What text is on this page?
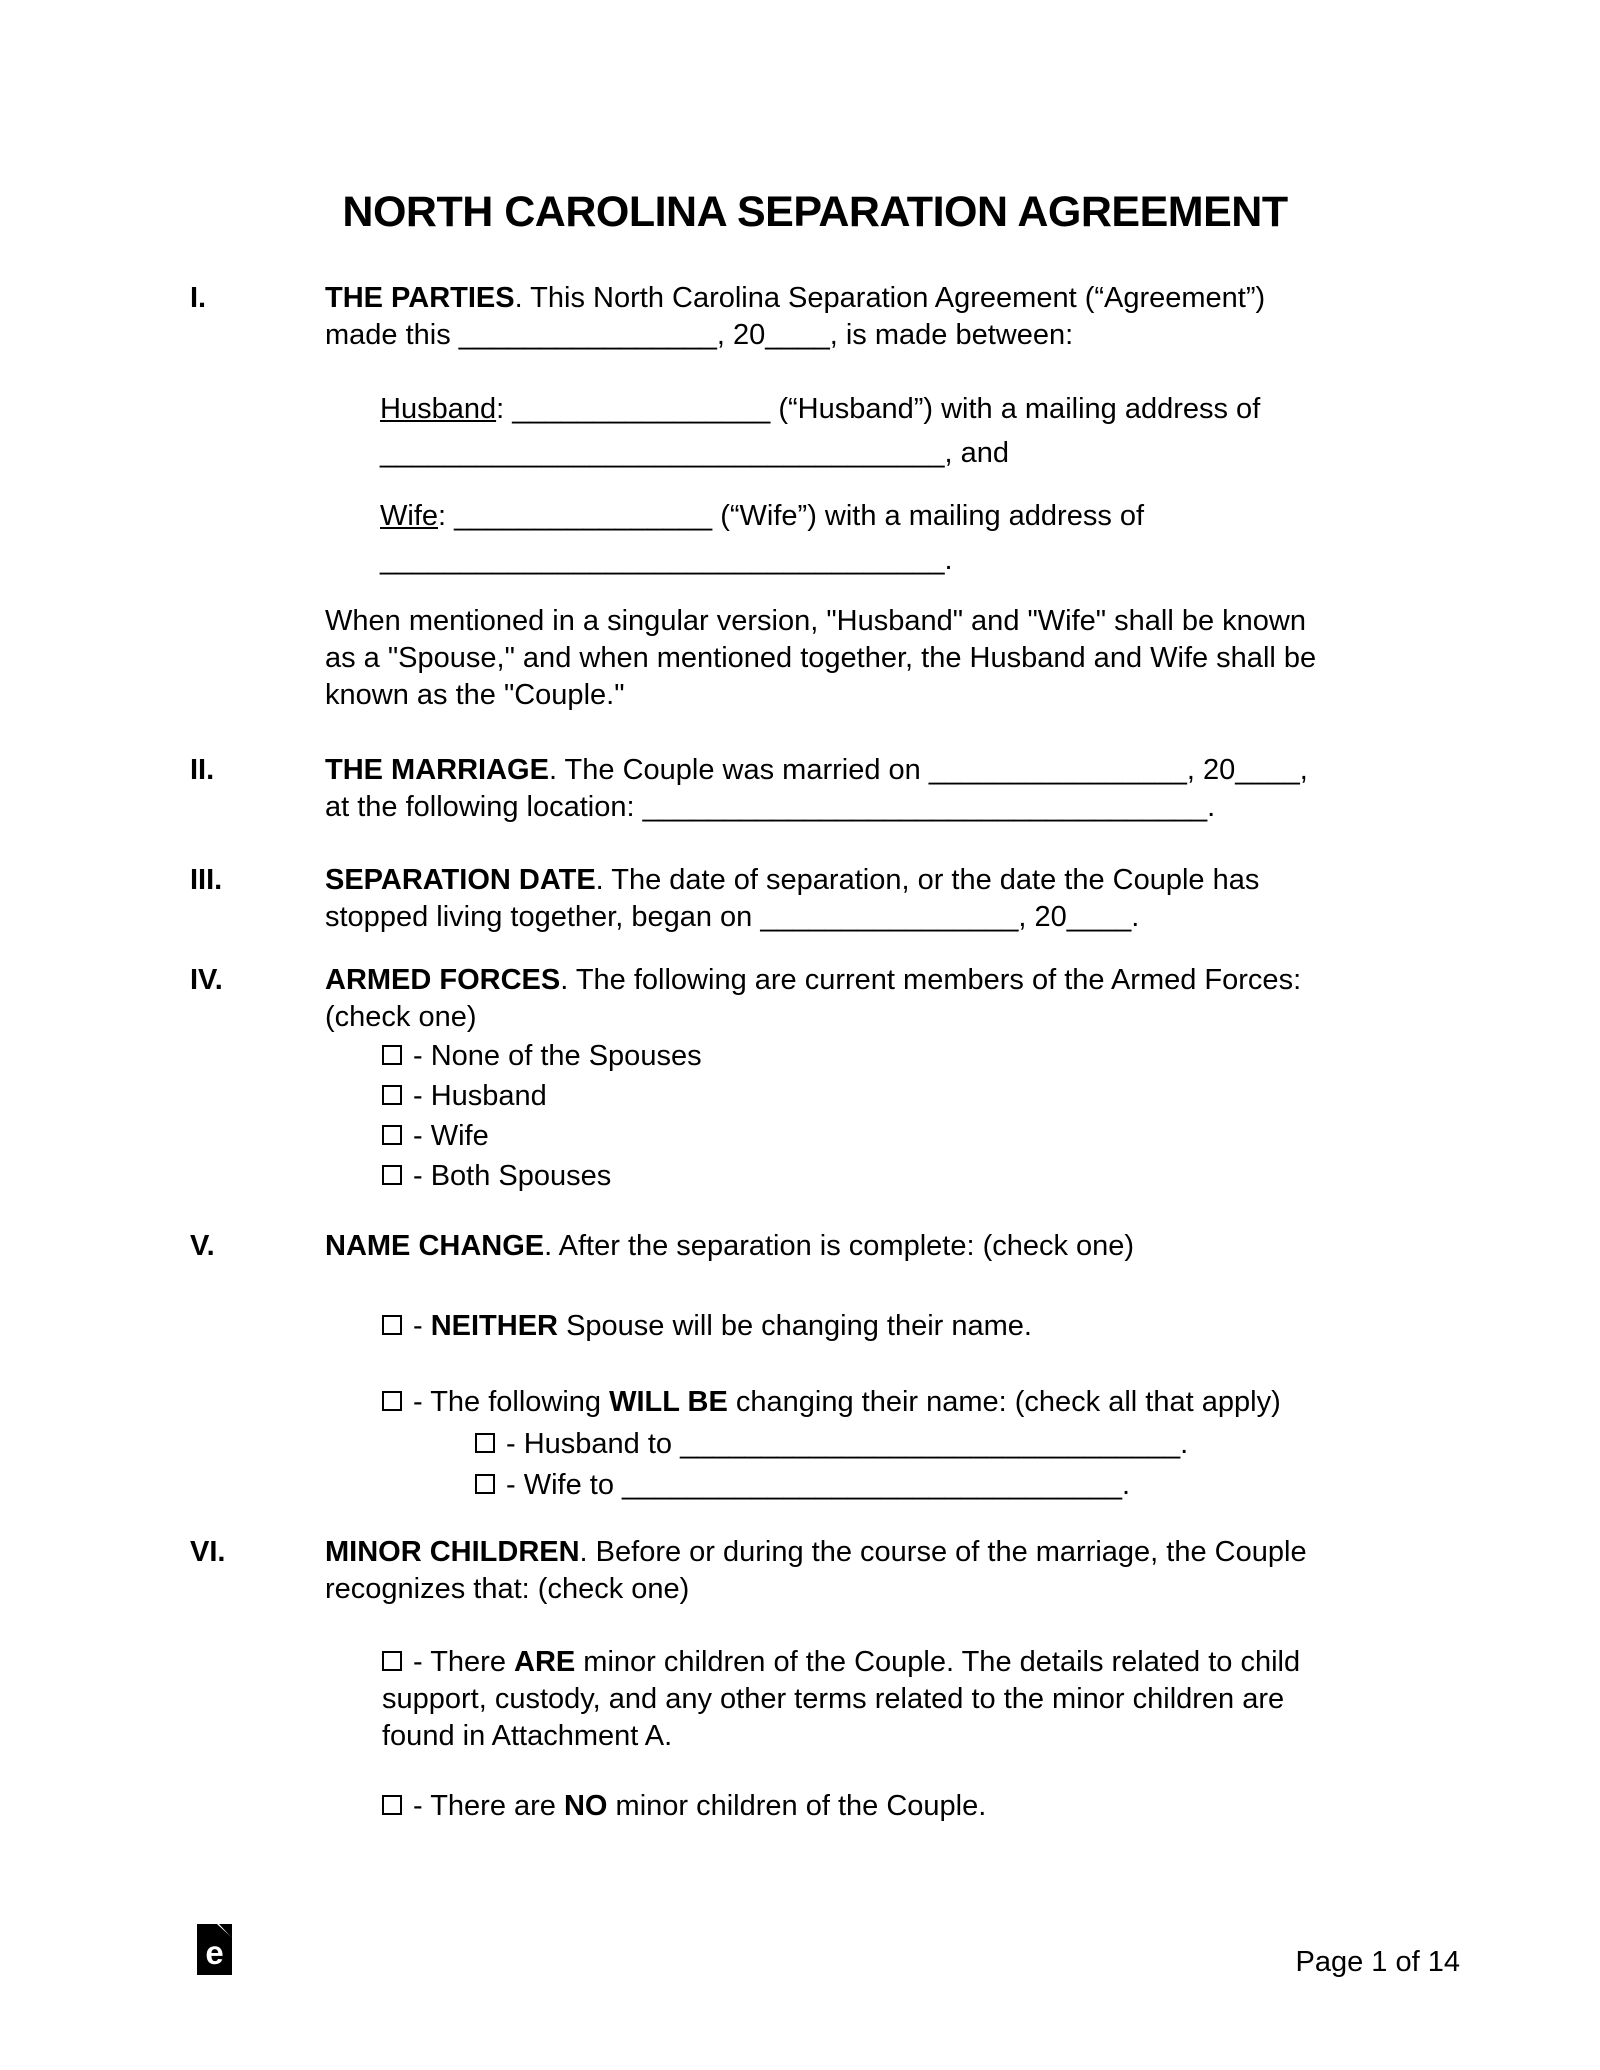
NORTH CAROLINA SEPARATION AGREEMENT
I.	THE PARTIES. This North Carolina Separation Agreement (“Agreement”)
made this ________________, 20____, is made between:

Husband: ________________ (“Husband”) with a mailing address of
___________________________________, and

Wife: ________________ (“Wife”) with a mailing address of
___________________________________.

When mentioned in a singular version, "Husband" and "Wife" shall be known
as a "Spouse," and when mentioned together, the Husband and Wife shall be
known as the "Couple."

II.	THE MARRIAGE. The Couple was married on ________________, 20____,
at the following location: ___________________________________.

III.	SEPARATION DATE. The date of separation, or the date the Couple has
stopped living together, began on ________________, 20____.

IV.	ARMED FORCES. The following are current members of the Armed Forces:
(check one)

- None of the Spouses
- Husband
- Wife
- Both Spouses
V.	NAME CHANGE. After the separation is complete: (check one)

- NEITHER Spouse will be changing their name.
- The following WILL BE changing their name: (check all that apply)
- Husband to _______________________________.
- Wife to _______________________________.
VI.	MINOR CHILDREN. Before or during the course of the marriage, the Couple
recognizes that: (check one)

- There ARE minor children of the Couple. The details related to child
support, custody, and any other terms related to the minor children are
found in Attachment A.
- There are NO minor children of the Couple.
e	Page 1 of 14
